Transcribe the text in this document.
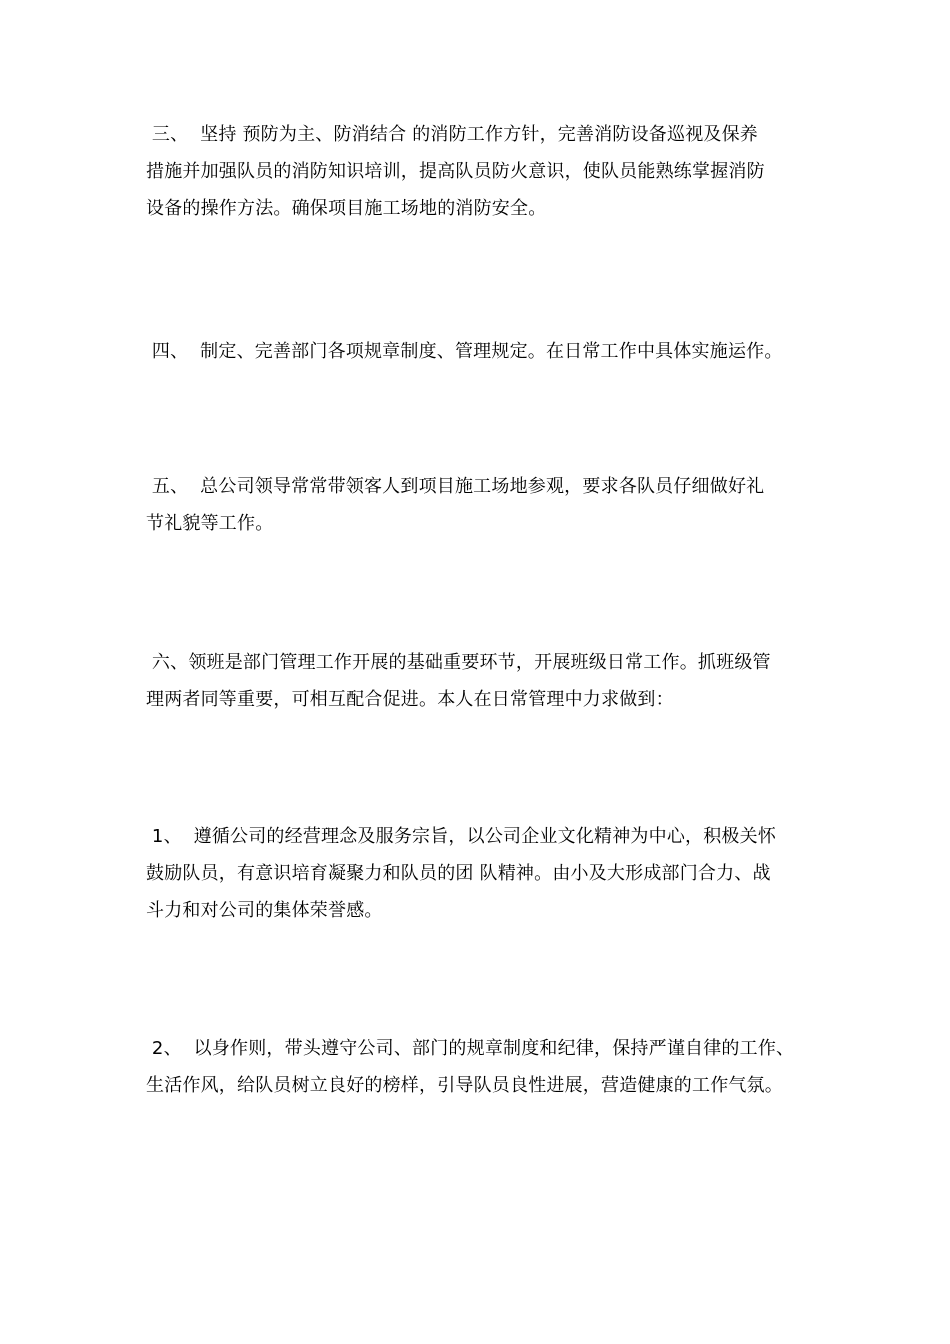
三、  坚持 预防为主、防消结合 的消防工作方针，完善消防设备巡视及保养
措施并加强队员的消防知识培训，提高队员防火意识，使队员能熟练掌握消防
设备的操作方法。确保项目施工场地的消防安全。
四、  制定、完善部门各项规章制度、管理规定。在日常工作中具体实施运作。
五、  总公司领导常常带领客人到项目施工场地参观，要求各队员仔细做好礼
节礼貌等工作。
六、领班是部门管理工作开展的基础重要环节，开展班级日常工作。抓班级管
理两者同等重要，可相互配合促进。本人在日常管理中力求做到：
1、  遵循公司的经营理念及服务宗旨，以公司企业文化精神为中心，积极关怀
鼓励队员，有意识培育凝聚力和队员的团 队精神。由小及大形成部门合力、战
斗力和对公司的集体荣誉感。
2、  以身作则，带头遵守公司、部门的规章制度和纪律，保持严谨自律的工作、
生活作风，给队员树立良好的榜样，引导队员良性进展，营造健康的工作气氛。
